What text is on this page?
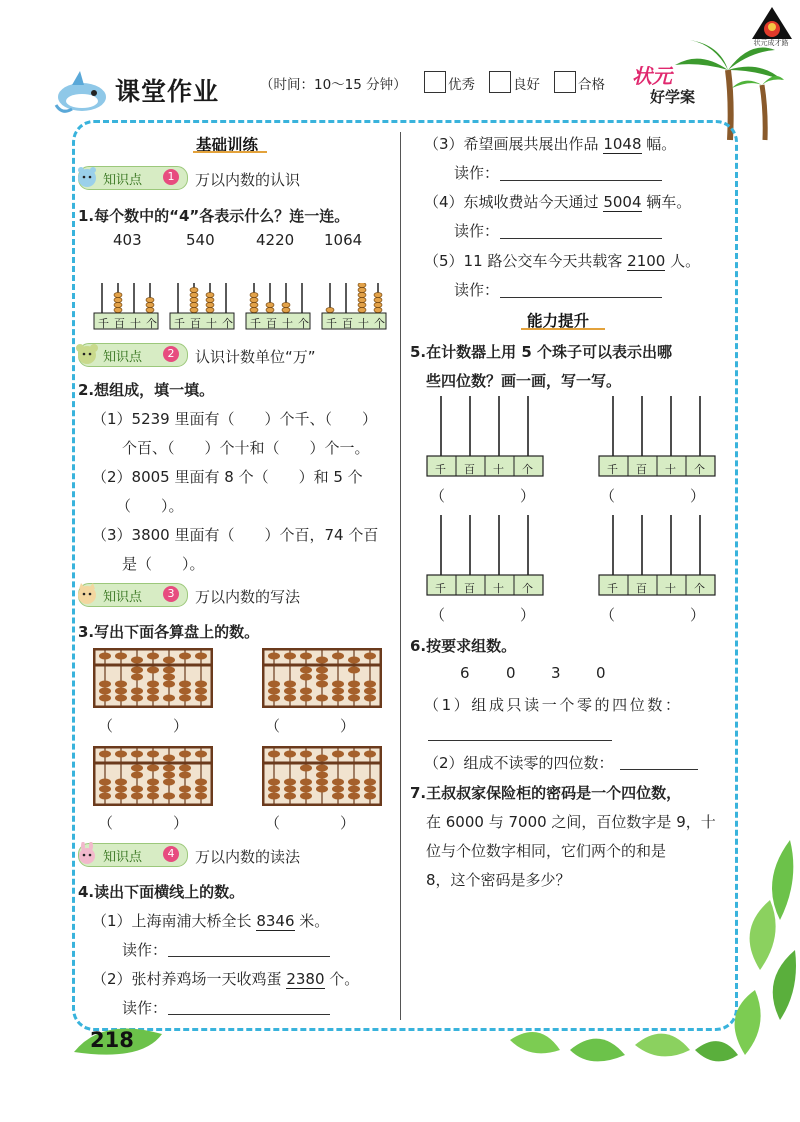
状元成才路
课堂作业	（时间：10～15 分钟）	优秀	良好	合格 状元
好学案
基础训练
知识点	1	万以内数的认识
1.每个数中的“4”各表示什么？连一连。
403	540	4220 1064
千 百 十 个 千 百 十 个 千 百 十 个 千 百 十 个
知识点	2	认识计数单位“万”
2.想组成，填一填。
（1）5239 里面有（　　）个千、（　　）
个百、（　　）个十和（　　）个一。
（2）8005 里面有 8 个（　　）和 5 个
（　　）。
（3）3800 里面有（　　）个百，74 个百
是（　　）。
知识点	3	万以内数的写法
3.写出下面各算盘上的数。
（　　　　）	（　　　　）
（　　　　）	（　　　　）
知识点	4	万以内数的读法
4.读出下面横线上的数。
（1）上海南浦大桥全长 8346 米。
读作：
（2）张村养鸡场一天收鸡蛋 2380 个。
读作：
（3）希望画展共展出作品 1048 幅。
读作：
（4）东城收费站今天通过 5004 辆车。
读作：
（5）11 路公交车今天共载客 2100 人。
读作：
能力提升
5.在计数器上用 5 个珠子可以表示出哪
些四位数？画一画，写一写。
千 百 十 个	千 百 十 个
千 百 十 个	千 百 十 个
（　　　　　）	（　　　　　）
（　　　　　）	（　　　　　）
6.按要求组数。
6 0 3 0
（1）组成只读一个零的四位数：
（2）组成不读零的四位数：
7.王叔叔家保险柜的密码是一个四位数，
在 6000 与 7000 之间，百位数字是 9，十
位与个位数字相同，它们两个的和是
8，这个密码是多少？
218
